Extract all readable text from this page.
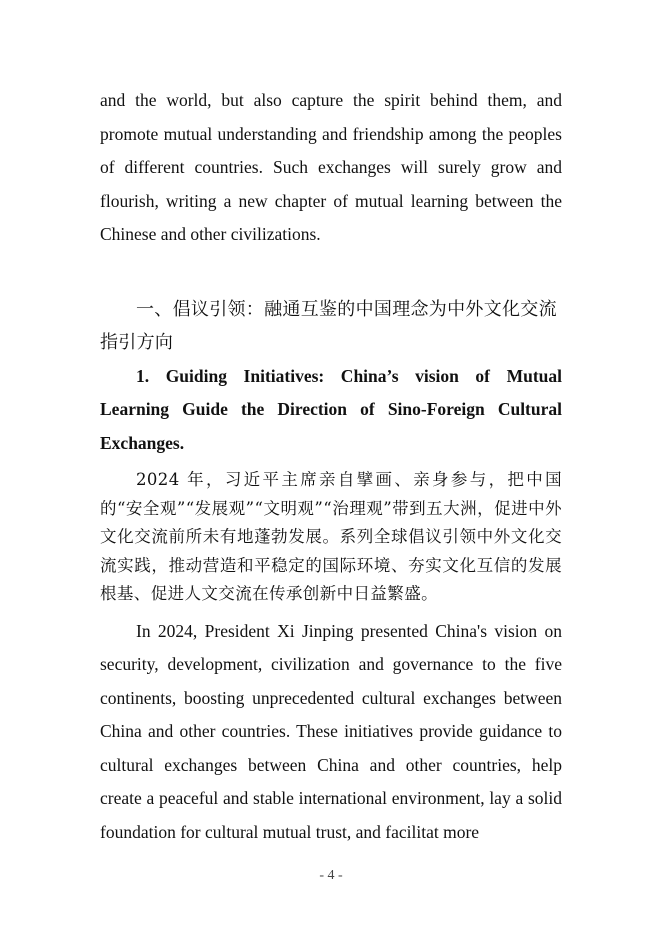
and the world, but also capture the spirit behind them, and promote mutual understanding and friendship among the peoples of different countries. Such exchanges will surely grow and flourish, writing a new chapter of mutual learning between the Chinese and other civilizations.

一、倡议引领：融通互鉴的中国理念为中外文化交流指引方向

1. Guiding Initiatives: China’s vision of Mutual Learning Guide the Direction of Sino-Foreign Cultural Exchanges.

2024 年，习近平主席亲自擘画、亲身参与，把中国的“安全观”“发展观”“文明观”“治理观”带到五大洲，促进中外文化交流前所未有地蓬勃发展。系列全球倡议引领中外文化交流实践，推动营造和平稳定的国际环境、夯实文化互信的发展根基、促进人文交流在传承创新中日益繁盛。

In 2024, President Xi Jinping presented China's vision on security, development, civilization and governance to the five continents, boosting unprecedented cultural exchanges between China and other countries. These initiatives provide guidance to cultural exchanges between China and other countries, help create a peaceful and stable international environment, lay a solid foundation for cultural mutual trust, and facilitat more

- 4 -
